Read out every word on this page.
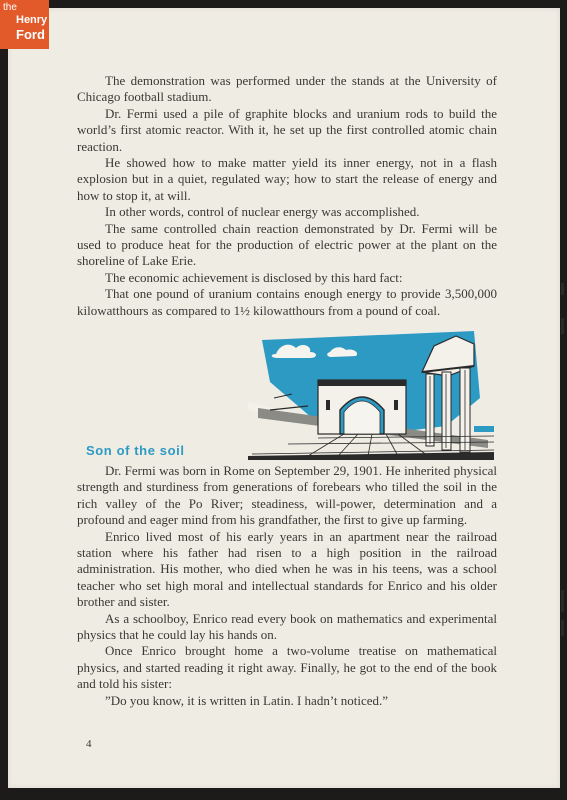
the
Henry
Ford

The demonstration was performed under the stands at the University of Chicago football stadium.

Dr. Fermi used a pile of graphite blocks and uranium rods to build the world’s first atomic reactor. With it, he set up the first controlled atomic chain reaction.

He showed how to make matter yield its inner energy, not in a flash explosion but in a quiet, regulated way; how to start the release of energy and how to stop it, at will.

In other words, control of nuclear energy was accomplished.

The same controlled chain reaction demonstrated by Dr. Fermi will be used to produce heat for the production of electric power at the plant on the shoreline of Lake Erie.

The economic achievement is disclosed by this hard fact:

That one pound of uranium contains enough energy to provide 3,500,000 kilowatthours as compared to 1½ kilowatthours from a pound of coal.

Son of the soil

Dr. Fermi was born in Rome on September 29, 1901. He inherited physical strength and sturdiness from generations of forebears who tilled the soil in the rich valley of the Po River; steadiness, will-power, determination and a profound and eager mind from his grandfather, the first to give up farming.

Enrico lived most of his early years in an apartment near the railroad station where his father had risen to a high position in the railroad administration. His mother, who died when he was in his teens, was a school teacher who set high moral and intellectual standards for Enrico and his older brother and sister.

As a schoolboy, Enrico read every book on mathematics and experimental physics that he could lay his hands on.

Once Enrico brought home a two-volume treatise on mathematical physics, and started reading it right away. Finally, he got to the end of the book and told his sister:

”Do you know, it is written in Latin. I hadn’t noticed.”

4
